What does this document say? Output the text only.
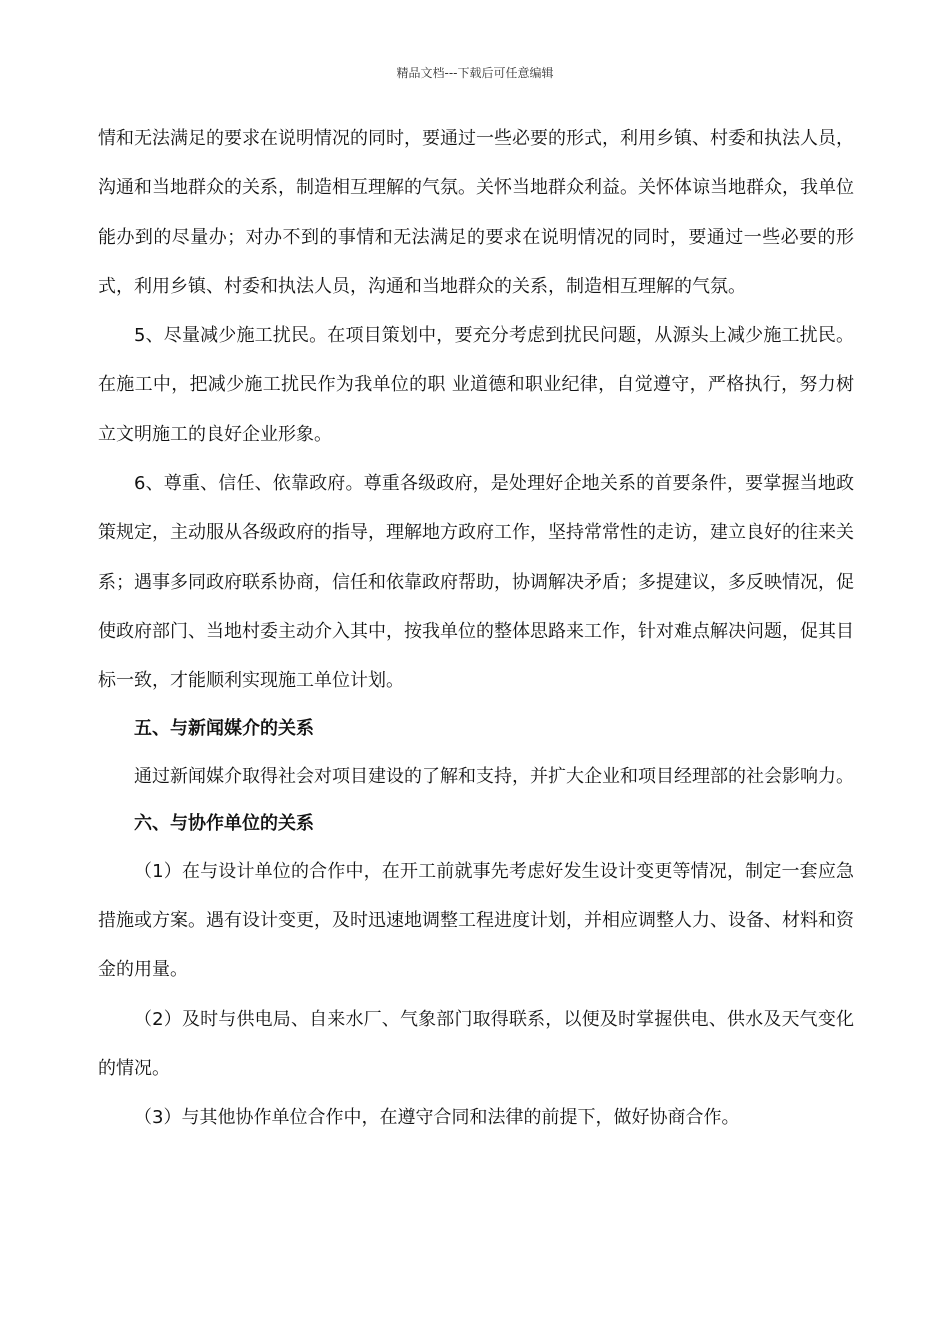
精品文档---下载后可任意编辑

情和无法满足的要求在说明情况的同时，要通过一些必要的形式，利用乡镇、村委和执法人员，沟通和当地群众的关系，制造相互理解的气氛。关怀当地群众利益。关怀体谅当地群众，我单位能办到的尽量办；对办不到的事情和无法满足的要求在说明情况的同时，要通过一些必要的形式，利用乡镇、村委和执法人员，沟通和当地群众的关系，制造相互理解的气氛。

5、尽量减少施工扰民。在项目策划中，要充分考虑到扰民问题，从源头上减少施工扰民。在施工中，把减少施工扰民作为我单位的职 业道德和职业纪律，自觉遵守，严格执行，努力树立文明施工的良好企业形象。

6、尊重、信任、依靠政府。尊重各级政府，是处理好企地关系的首要条件，要掌握当地政策规定，主动服从各级政府的指导，理解地方政府工作，坚持常常性的走访，建立良好的往来关系；遇事多同政府联系协商，信任和依靠政府帮助，协调解决矛盾；多提建议，多反映情况，促使政府部门、当地村委主动介入其中，按我单位的整体思路来工作，针对难点解决问题，促其目标一致，才能顺利实现施工单位计划。

五、与新闻媒介的关系

通过新闻媒介取得社会对项目建设的了解和支持，并扩大企业和项目经理部的社会影响力。

六、与协作单位的关系

（1）在与设计单位的合作中，在开工前就事先考虑好发生设计变更等情况，制定一套应急措施或方案。遇有设计变更，及时迅速地调整工程进度计划，并相应调整人力、设备、材料和资金的用量。

（2）及时与供电局、自来水厂、气象部门取得联系，以便及时掌握供电、供水及天气变化的情况。

（3）与其他协作单位合作中，在遵守合同和法律的前提下，做好协商合作。
